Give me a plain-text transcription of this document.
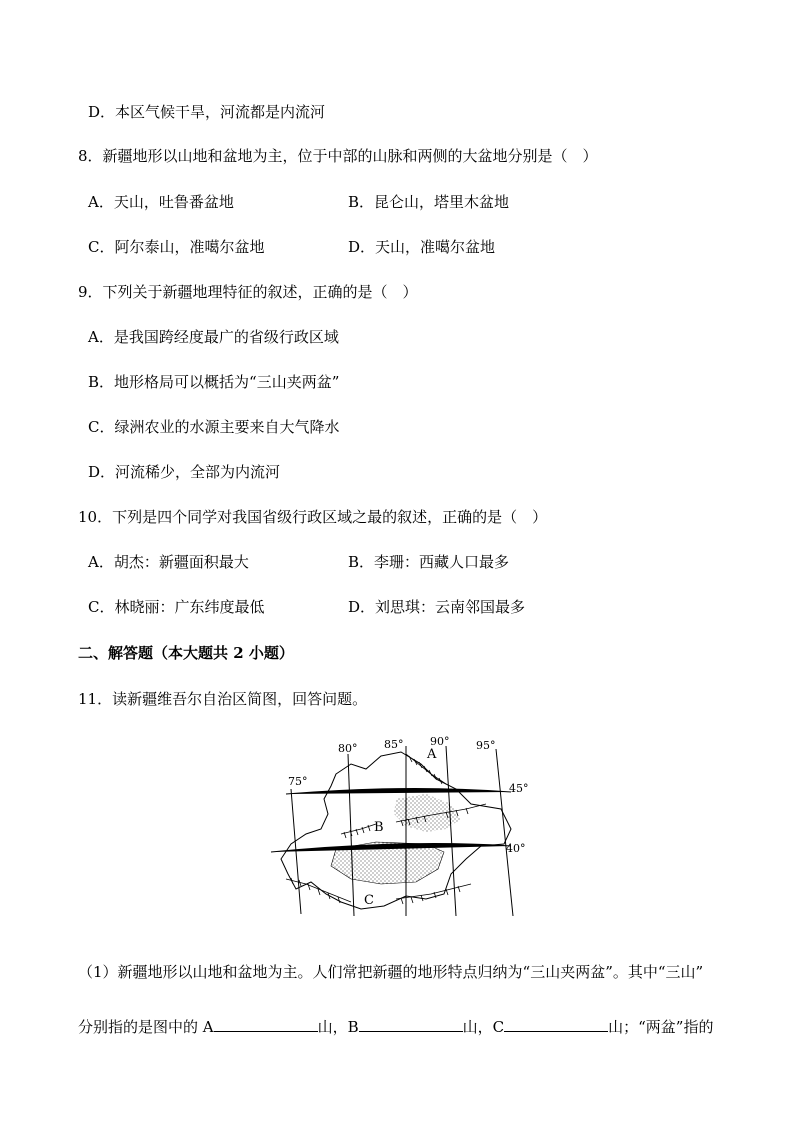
D．本区气候干旱，河流都是内流河
8．新疆地形以山地和盆地为主，位于中部的山脉和两侧的大盆地分别是（　）
A．天山，吐鲁番盆地	B．昆仑山，塔里木盆地
C．阿尔泰山，准噶尔盆地	D．天山，准噶尔盆地
9．下列关于新疆地理特征的叙述，正确的是（　）
A．是我国跨经度最广的省级行政区域
B．地形格局可以概括为“三山夹两盆”
C．绿洲农业的水源主要来自大气降水
D．河流稀少，全部为内流河
10．下列是四个同学对我国省级行政区域之最的叙述，正确的是（　）
A．胡杰：新疆面积最大	B．李珊：西藏人口最多
C．林晓丽：广东纬度最低	D．刘思琪：云南邻国最多
二、解答题（本大题共 2 小题）
11．读新疆维吾尔自治区简图，回答问题。
75°
80° 85° 90° 95°
45°
40°
A
B
C
（1）新疆地形以山地和盆地为主。人们常把新疆的地形特点归纳为“三山夹两盆”。其中“三山”
分别指的是图中的 A	山，B	山，C	山；“两盆”指的
